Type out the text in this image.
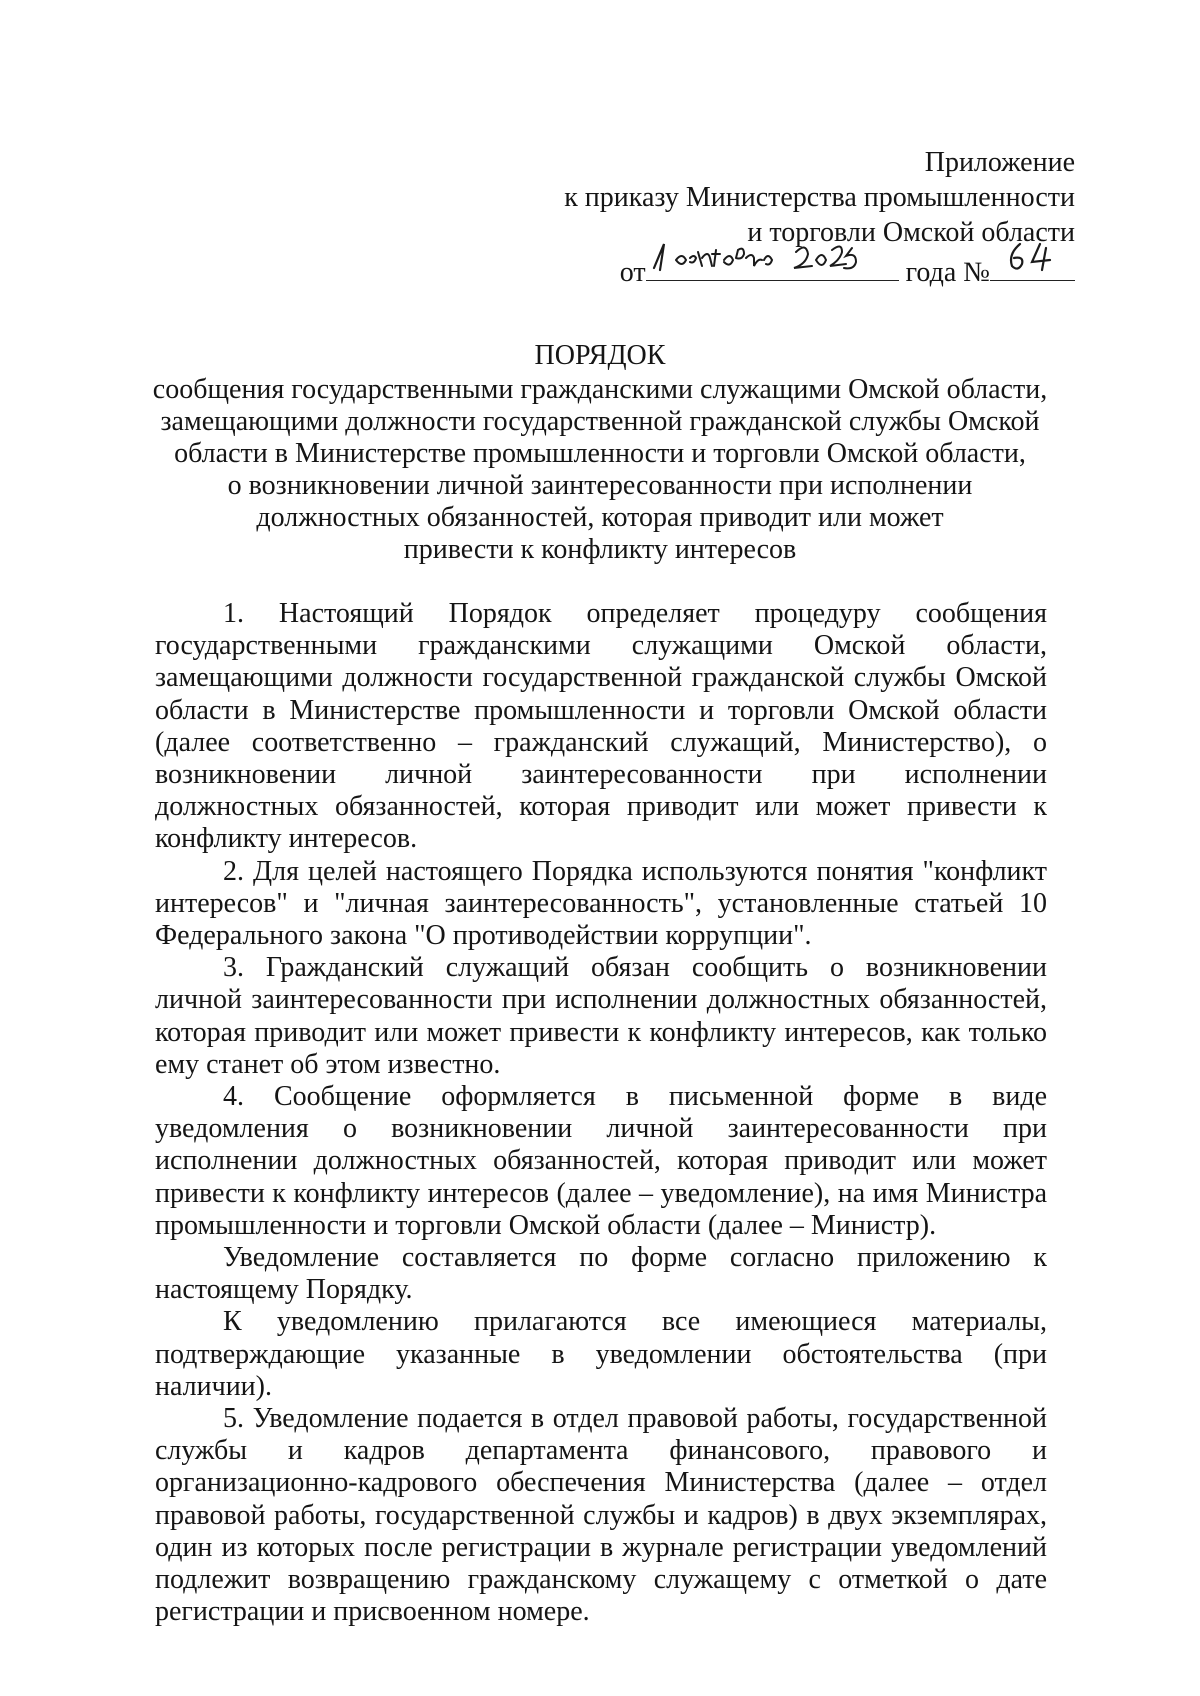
Приложение
к приказу Министерства промышленности
и торговли Омской области
от	года №
ПОРЯДОК
сообщения государственными гражданскими служащими Омской области,
замещающими должности государственной гражданской службы Омской
области в Министерстве промышленности и торговли Омской области,
о возникновении личной заинтересованности при исполнении
должностных обязанностей, которая приводит или может
привести к конфликту интересов

1. Настоящий Порядок определяет процедуру сообщения государственными гражданскими служащими Омской области, замещающими должности государственной гражданской службы Омской области в Министерстве промышленности и торговли Омской области (далее соответственно – гражданский служащий, Министерство), о возникновении личной заинтересованности при исполнении должностных обязанностей, которая приводит или может привести к конфликту интересов.

2. Для целей настоящего Порядка используются понятия "конфликт интересов" и "личная заинтересованность", установленные статьей 10 Федерального закона "О противодействии коррупции".

3. Гражданский служащий обязан сообщить о возникновении личной заинтересованности при исполнении должностных обязанностей, которая приводит или может привести к конфликту интересов, как только ему станет об этом известно.

4. Сообщение оформляется в письменной форме в виде уведомления о возникновении личной заинтересованности при исполнении должностных обязанностей, которая приводит или может привести к конфликту интересов (далее – уведомление), на имя Министра промышленности и торговли Омской области (далее – Министр).

Уведомление составляется по форме согласно приложению к настоящему Порядку.

К уведомлению прилагаются все имеющиеся материалы, подтверждающие указанные в уведомлении обстоятельства (при наличии).

5. Уведомление подается в отдел правовой работы, государственной службы и кадров департамента финансового, правового и организационно-кадрового обеспечения Министерства (далее – отдел правовой работы, государственной службы и кадров) в двух экземплярах, один из которых после регистрации в журнале регистрации уведомлений подлежит возвращению гражданскому служащему с отметкой о дате регистрации и присвоенном номере.
